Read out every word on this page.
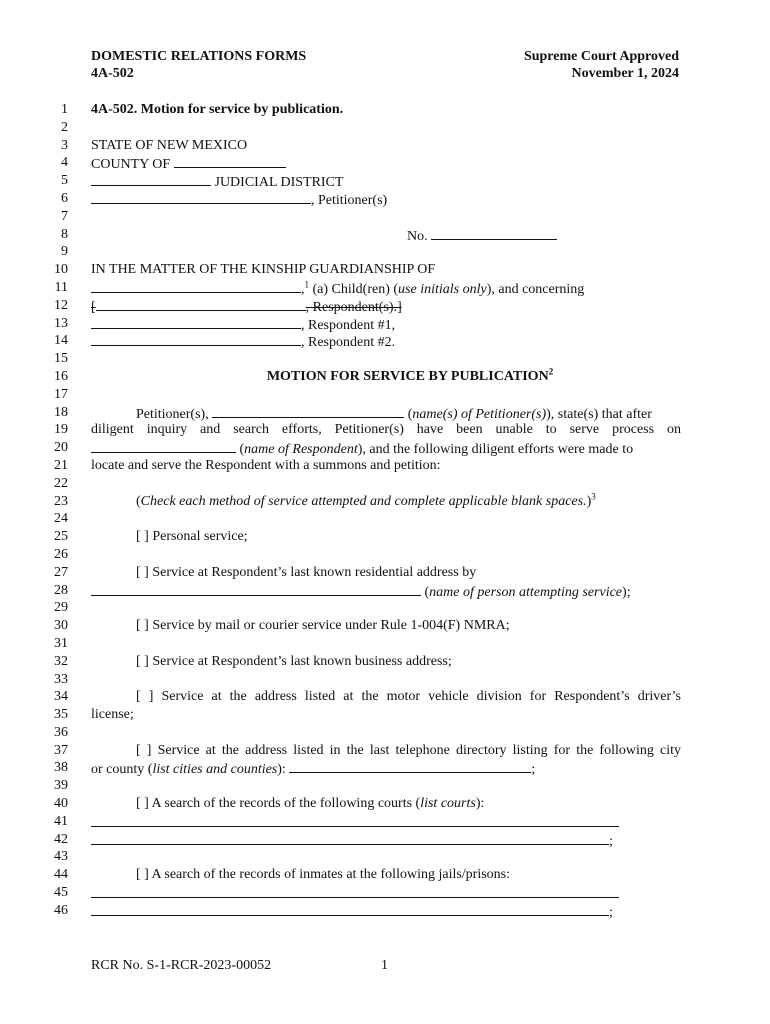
DOMESTIC RELATIONS FORMS
4A-502
Supreme Court Approved
November 1, 2024
1 4A-502. Motion for service by publication.
2
3 STATE OF NEW MEXICO
4 COUNTY OF
5	JUDICIAL DISTRICT
6	, Petitioner(s)
7
8	No.
9
10 IN THE MATTER OF THE KINSHIP GUARDIANSHIP OF
11	,$^1$ (a) Child(ren) (use initials only), and concerning
12 [	, Respondent(s).]
13	, Respondent #1,
14	, Respondent #2.
15
16	MOTION FOR SERVICE BY PUBLICATION$^2$
17
18	Petitioner(s),	(name(s) of Petitioner(s)), state(s) that after
19 diligent inquiry and search efforts, Petitioner(s) have been unable to serve process on
20	(name of Respondent), and the following diligent efforts were made to
21 locate and serve the Respondent with a summons and petition:
22
23	(Check each method of service attempted and complete applicable blank spaces.)$^3$
24
25	[ ] Personal service;
26
27	[ ] Service at Respondent’s last known residential address by
28	(name of person attempting service);
29
30	[ ] Service by mail or courier service under Rule 1-004(F) NMRA;
31
32	[ ] Service at Respondent’s last known business address;
33
34	[ ] Service at the address listed at the motor vehicle division for Respondent’s driver’s
35 license;
36
37	[ ] Service at the address listed in the last telephone directory listing for the following city
38 or county (list cities and counties):	;
39
40	[ ] A search of the records of the following courts (list courts):
41
42	;
43
44	[ ] A search of the records of inmates at the following jails/prisons:
45
46	;
RCR No. S-1-RCR-2023-00052	1
